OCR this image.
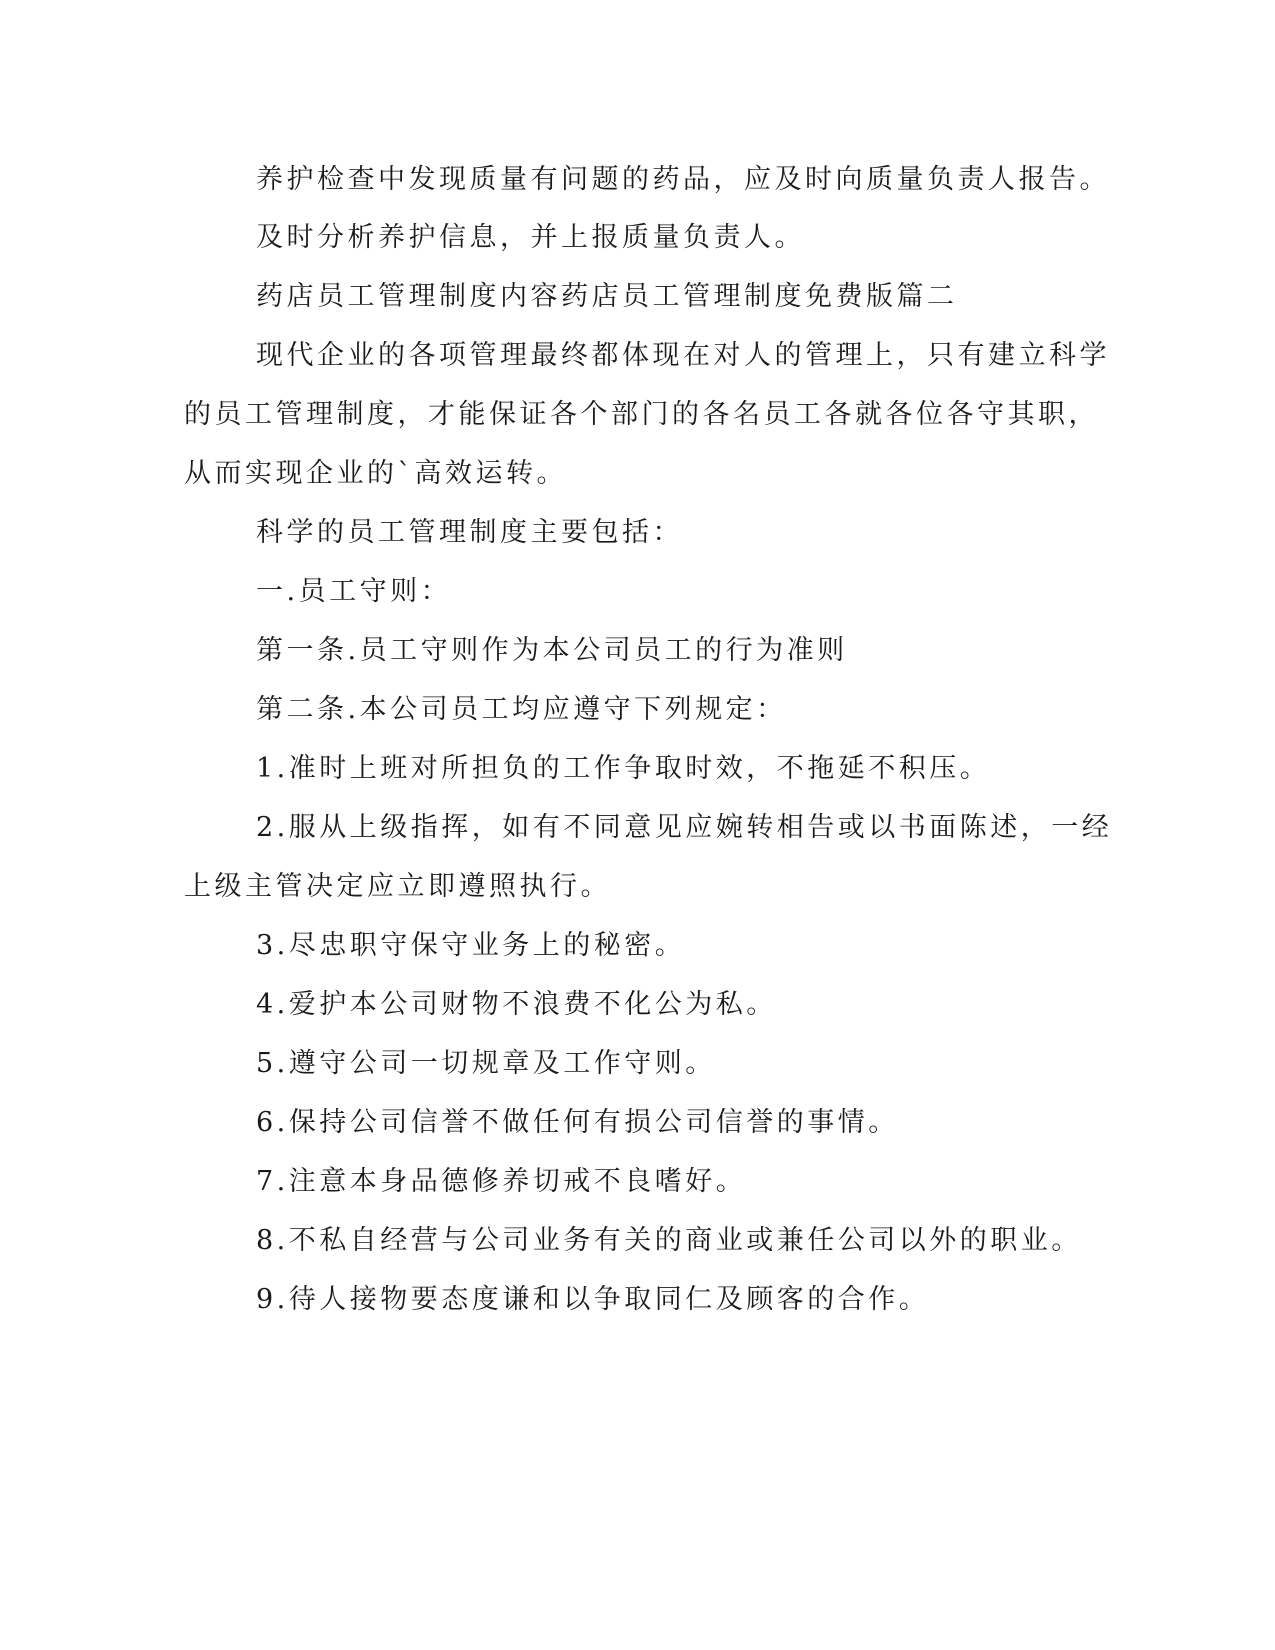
养护检查中发现质量有问题的药品，应及时向质量负责人报告。

及时分析养护信息，并上报质量负责人。

药店员工管理制度内容药店员工管理制度免费版篇二

现代企业的各项管理最终都体现在对人的管理上，只有建立科学

的员工管理制度，才能保证各个部门的各名员工各就各位各守其职，

从而实现企业的`高效运转。

科学的员工管理制度主要包括：

一.员工守则：

第一条.员工守则作为本公司员工的行为准则

第二条.本公司员工均应遵守下列规定：

1.准时上班对所担负的工作争取时效，不拖延不积压。

2.服从上级指挥，如有不同意见应婉转相告或以书面陈述，一经

上级主管决定应立即遵照执行。

3.尽忠职守保守业务上的秘密。

4.爱护本公司财物不浪费不化公为私。

5.遵守公司一切规章及工作守则。

6.保持公司信誉不做任何有损公司信誉的事情。

7.注意本身品德修养切戒不良嗜好。

8.不私自经营与公司业务有关的商业或兼任公司以外的职业。

9.待人接物要态度谦和以争取同仁及顾客的合作。
